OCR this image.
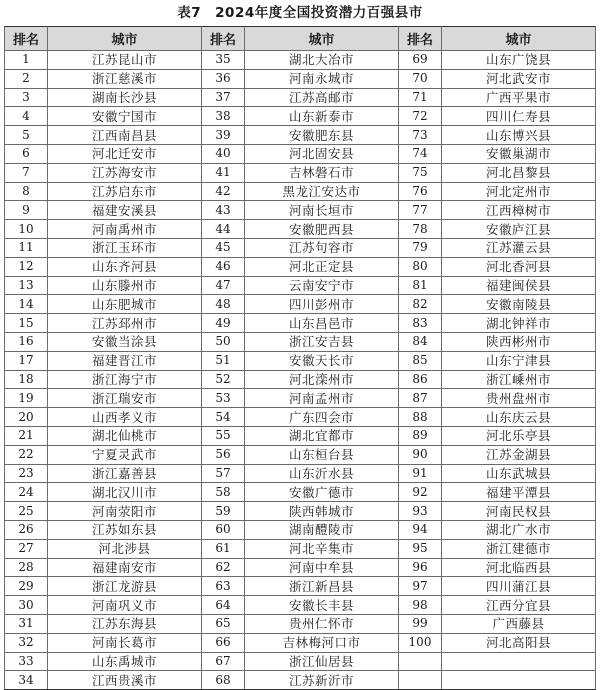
表7　2024年度全国投资潜力百强县市
排名	城市	排名	城市	排名	城市
1	江苏昆山市	35	湖北大冶市	69	山东广饶县
2	浙江慈溪市	36	河南永城市	70	河北武安市
3	湖南长沙县	37	江苏高邮市	71	广西平果市
4	安徽宁国市	38	山东新泰市	72	四川仁寿县
5	江西南昌县	39	安徽肥东县	73	山东博兴县
6	河北迁安市	40	河北固安县	74	安徽巢湖市
7	江苏海安市	41	吉林磐石市	75	河北昌黎县
8	江苏启东市	42	黑龙江安达市	76	河北定州市
9	福建安溪县	43	河南长垣市	77	江西樟树市
10	河南禹州市	44	安徽肥西县	78	安徽庐江县
11	浙江玉环市	45	江苏句容市	79	江苏灌云县
12	山东齐河县	46	河北正定县	80	河北香河县
13	山东滕州市	47	云南安宁市	81	福建闽侯县
14	山东肥城市	48	四川彭州市	82	安徽南陵县
15	江苏邳州市	49	山东昌邑市	83	湖北钟祥市
16	安徽当涂县	50	浙江安吉县	84	陕西彬州市
17	福建晋江市	51	安徽天长市	85	山东宁津县
18	浙江海宁市	52	河北滦州市	86	浙江嵊州市
19	浙江瑞安市	53	河南孟州市	87	贵州盘州市
20	山西孝义市	54	广东四会市	88	山东庆云县
21	湖北仙桃市	55	湖北宜都市	89	河北乐亭县
22	宁夏灵武市	56	山东桓台县	90	江苏金湖县
23	浙江嘉善县	57	山东沂水县	91	山东武城县
24	湖北汉川市	58	安徽广德市	92	福建平潭县
25	河南荥阳市	59	陕西韩城市	93	河南民权县
26	江苏如东县	60	湖南醴陵市	94	湖北广水市
27	河北涉县	61	河北辛集市	95	浙江建德市
28	福建南安市	62	河南中牟县	96	河北临西县
29	浙江龙游县	63	浙江新昌县	97	四川蒲江县
30	河南巩义市	64	安徽长丰县	98	江西分宜县
31	江苏东海县	65	贵州仁怀市	99	广西藤县
32	河南长葛市	66	吉林梅河口市	100	河北高阳县
33	山东禹城市	67	浙江仙居县		
34	江西贵溪市	68	江苏新沂市		
